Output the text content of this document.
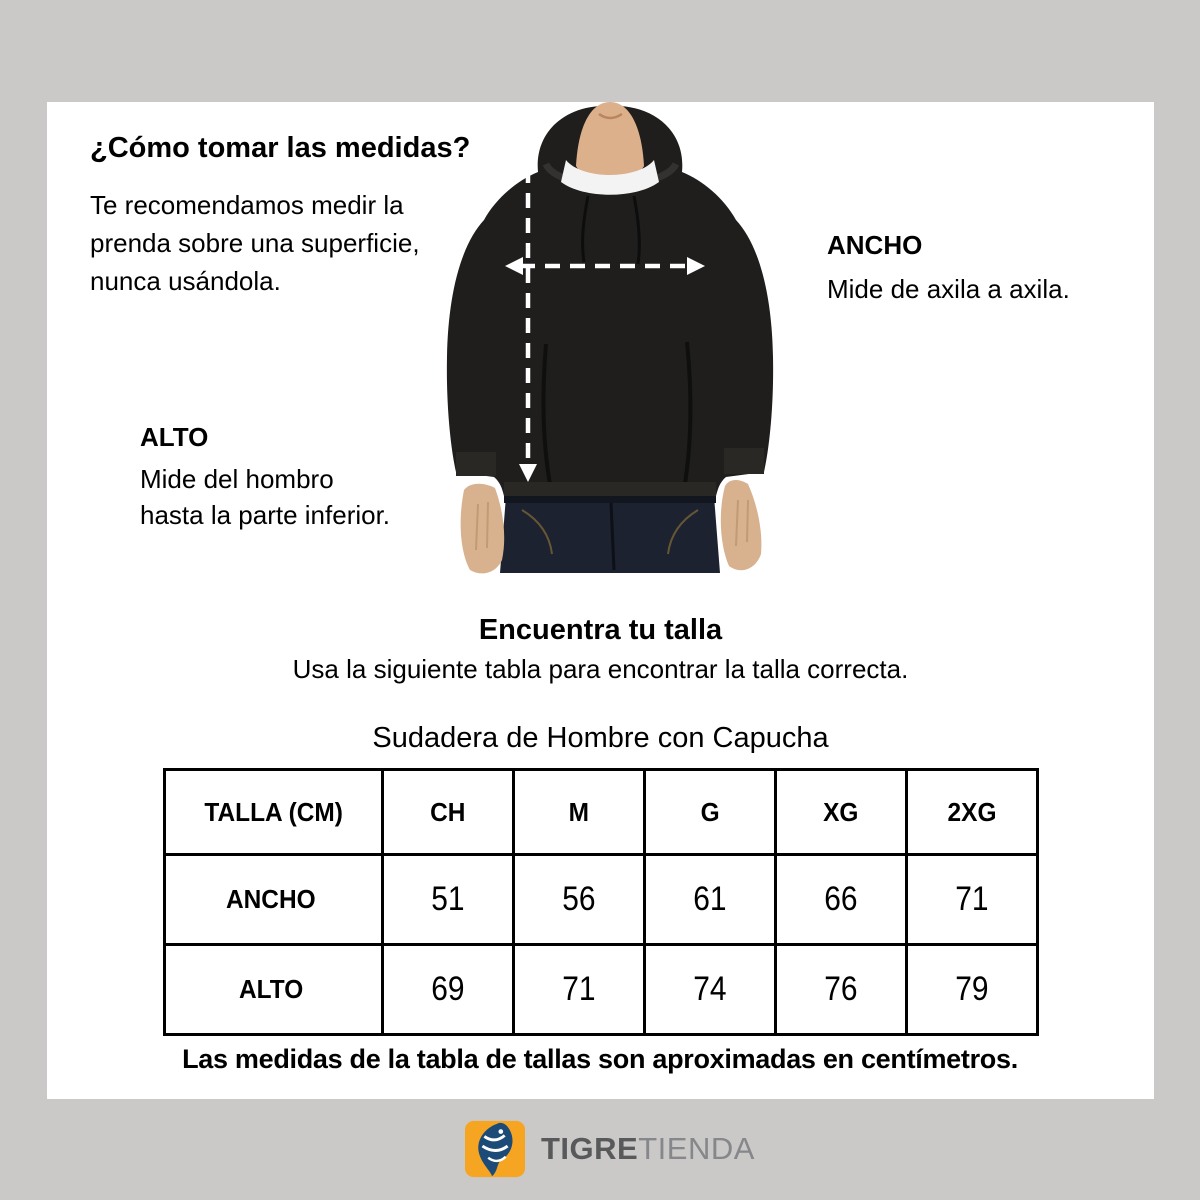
¿Cómo tomar las medidas?
Te recomendamos medir la
prenda sobre una superficie,
nunca usándola.
ANCHO
Mide de axila a axila.
ALTO
Mide del hombro
hasta la parte inferior.
Encuentra tu talla
Usa la siguiente tabla para encontrar la talla correcta.
Sudadera de Hombre con Capucha
TALLA (CM)	CH	M	G	XG	2XG
ANCHO	51	56	61	66	71
ALTO	69	71	74	76	79
Las medidas de la tabla de tallas son aproximadas en centímetros.
TIGRETIENDA
